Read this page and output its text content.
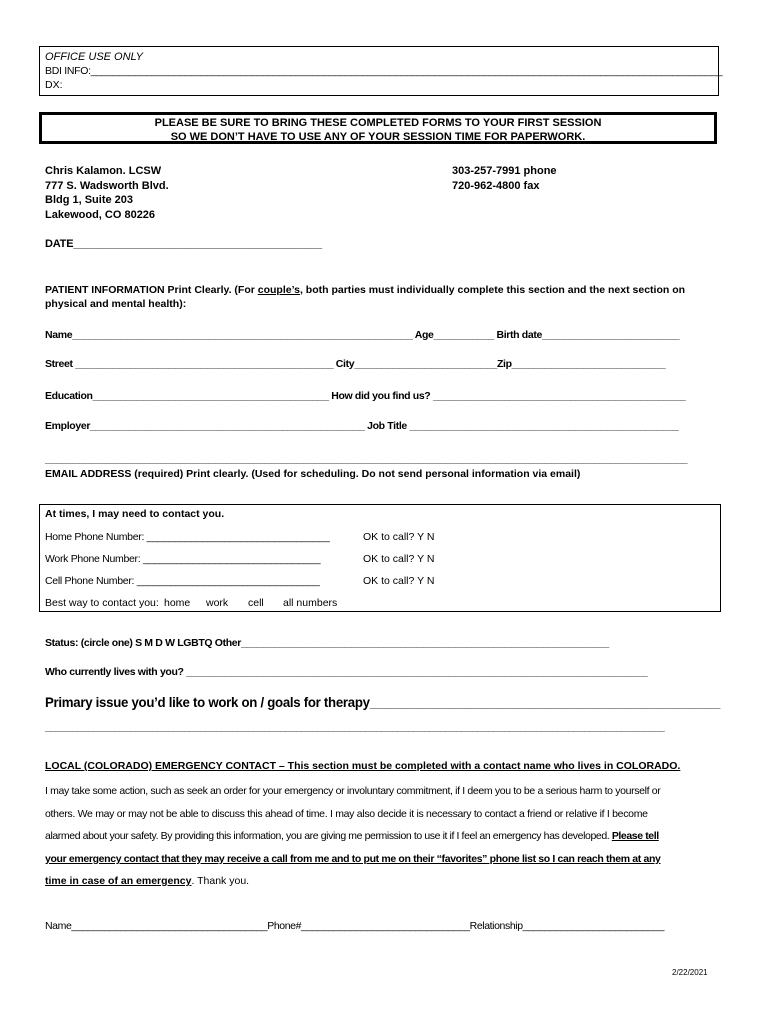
OFFICE USE ONLY
BDI INFO:__________________________________________________________________________________________________________________
DX:
PLEASE BE SURE TO BRING THESE COMPLETED FORMS TO YOUR FIRST SESSION
SO WE DON’T HAVE TO USE ANY OF YOUR SESSION TIME FOR PAPERWORK.
Chris Kalamon. LCSW
777 S. Wadsworth Blvd.
Bldg 1, Suite 203
Lakewood, CO 80226
303-257-7991 phone
720-962-4800 fax
DATE__________________________________________
PATIENT INFORMATION Print Clearly. (For couple’s, both parties must individually complete this section and the next section on
physical and mental health):
Name______________________________________________________________ Age___________ Birth date_________________________
Street _______________________________________________ City__________________________Zip____________________________
Education___________________________________________ How did you find us? ______________________________________________
Employer__________________________________________________ Job Title _________________________________________________
_____________________________________________________________________________________________________________________
EMAIL ADDRESS (required) Print clearly. (Used for scheduling. Do not send personal information via email)
At times, I may need to contact you.
Home Phone Number: _________________________________	OK to call? Y N
Work Phone Number: ________________________________	OK to call? Y N
Cell Phone Number: _________________________________	OK to call? Y N
Best way to contact you: home work cell all numbers
Status: (circle one) S M D W LGBTQ Other___________________________________________________________________
Who currently lives with you? ____________________________________________________________________________________
Primary issue you’d like to work on / goals for therapy__________________________________________________________________
____________________________________________________________________________________________________________________
LOCAL (COLORADO) EMERGENCY CONTACT – This section must be completed with a contact name who lives in COLORADO.
I may take some action, such as seek an order for your emergency or involuntary commitment, if I deem you to be a serious harm to yourself or
others. We may or may not be able to discuss this ahead of time. I may also decide it is necessary to contact a friend or relative if I become
alarmed about your safety. By providing this information, you are giving me permission to use it if I feel an emergency has developed. Please tell
your emergency contact that they may receive a call from me and to put me on their “favorites” phone list so I can reach them at any
time in case of an emergency. Thank you.
Name____________________________________Phone#_______________________________Relationship__________________________
2/22/2021
